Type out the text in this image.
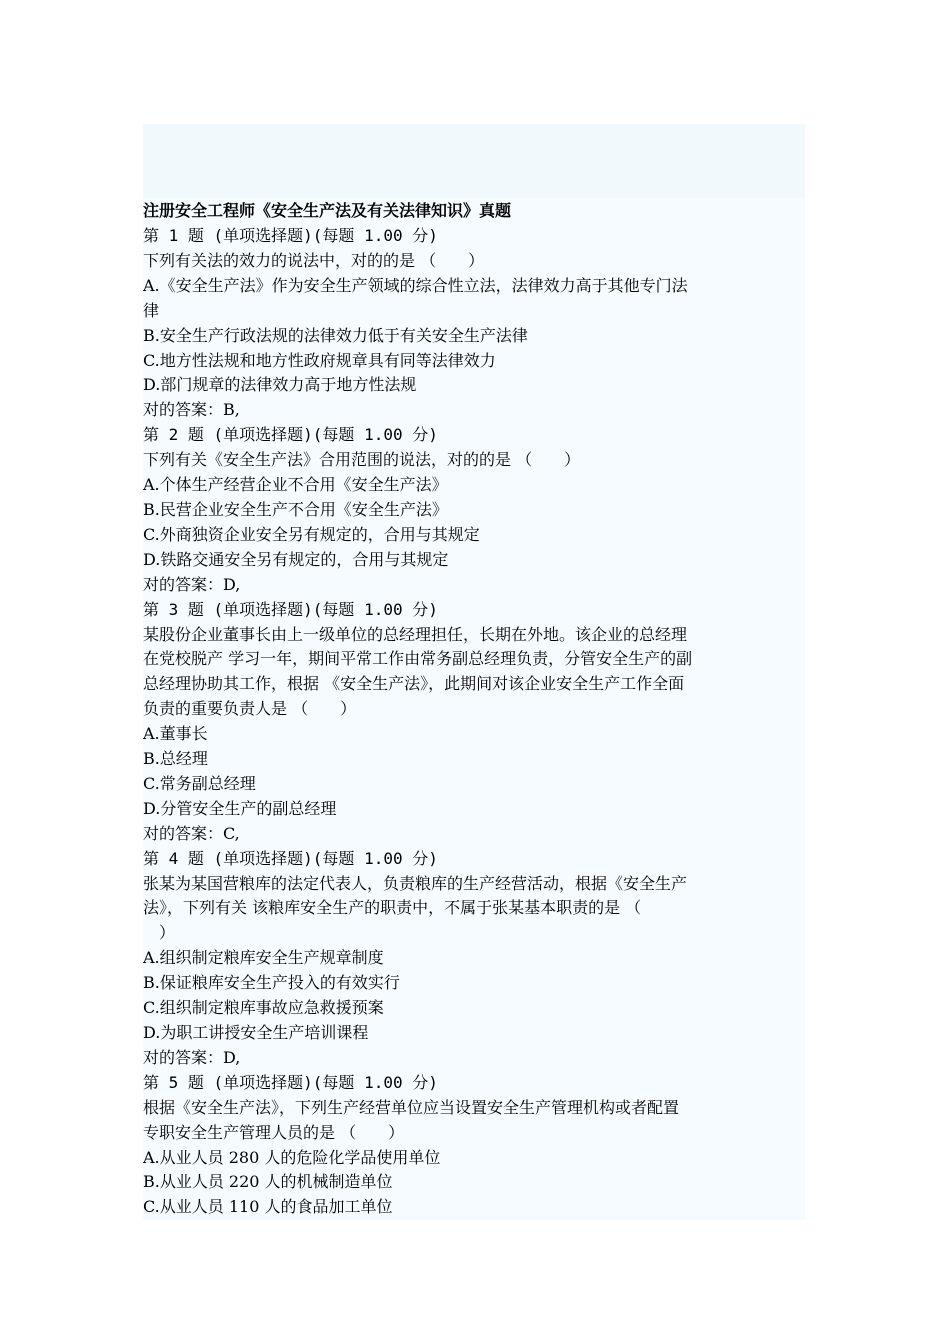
注册安全工程师《安全生产法及有关法律知识》真题
第 1 题 (单项选择题)(每题 1.00 分)
下列有关法的效力的说法中，对的的是 （　　）
A.《安全生产法》作为安全生产领域的综合性立法，法律效力高于其他专门法
律
B.安全生产行政法规的法律效力低于有关安全生产法律
C.地方性法规和地方性政府规章具有同等法律效力
D.部门规章的法律效力高于地方性法规
对的答案：B,
第 2 题 (单项选择题)(每题 1.00 分)
下列有关《安全生产法》合用范围的说法，对的的是 （　　）
A.个体生产经营企业不合用《安全生产法》
B.民营企业安全生产不合用《安全生产法》
C.外商独资企业安全另有规定的，合用与其规定
D.铁路交通安全另有规定的，合用与其规定
对的答案：D,
第 3 题 (单项选择题)(每题 1.00 分)
某股份企业董事长由上一级单位的总经理担任，长期在外地。该企业的总经理
在党校脱产 学习一年，期间平常工作由常务副总经理负责，分管安全生产的副
总经理协助其工作，根据 《安全生产法》，此期间对该企业安全生产工作全面
负责的重要负责人是 （　　）
A.董事长
B.总经理
C.常务副总经理
D.分管安全生产的副总经理
对的答案：C,
第 4 题 (单项选择题)(每题 1.00 分)
张某为某国营粮库的法定代表人，负责粮库的生产经营活动，根据《安全生产
法》，下列有关 该粮库安全生产的职责中，不属于张某基本职责的是 （
　）
A.组织制定粮库安全生产规章制度
B.保证粮库安全生产投入的有效实行
C.组织制定粮库事故应急救援预案
D.为职工讲授安全生产培训课程
对的答案：D,
第 5 题 (单项选择题)(每题 1.00 分)
根据《安全生产法》，下列生产经营单位应当设置安全生产管理机构或者配置
专职安全生产管理人员的是 （　　）
A.从业人员 280 人的危险化学品使用单位
B.从业人员 220 人的机械制造单位
C.从业人员 110 人的食品加工单位
